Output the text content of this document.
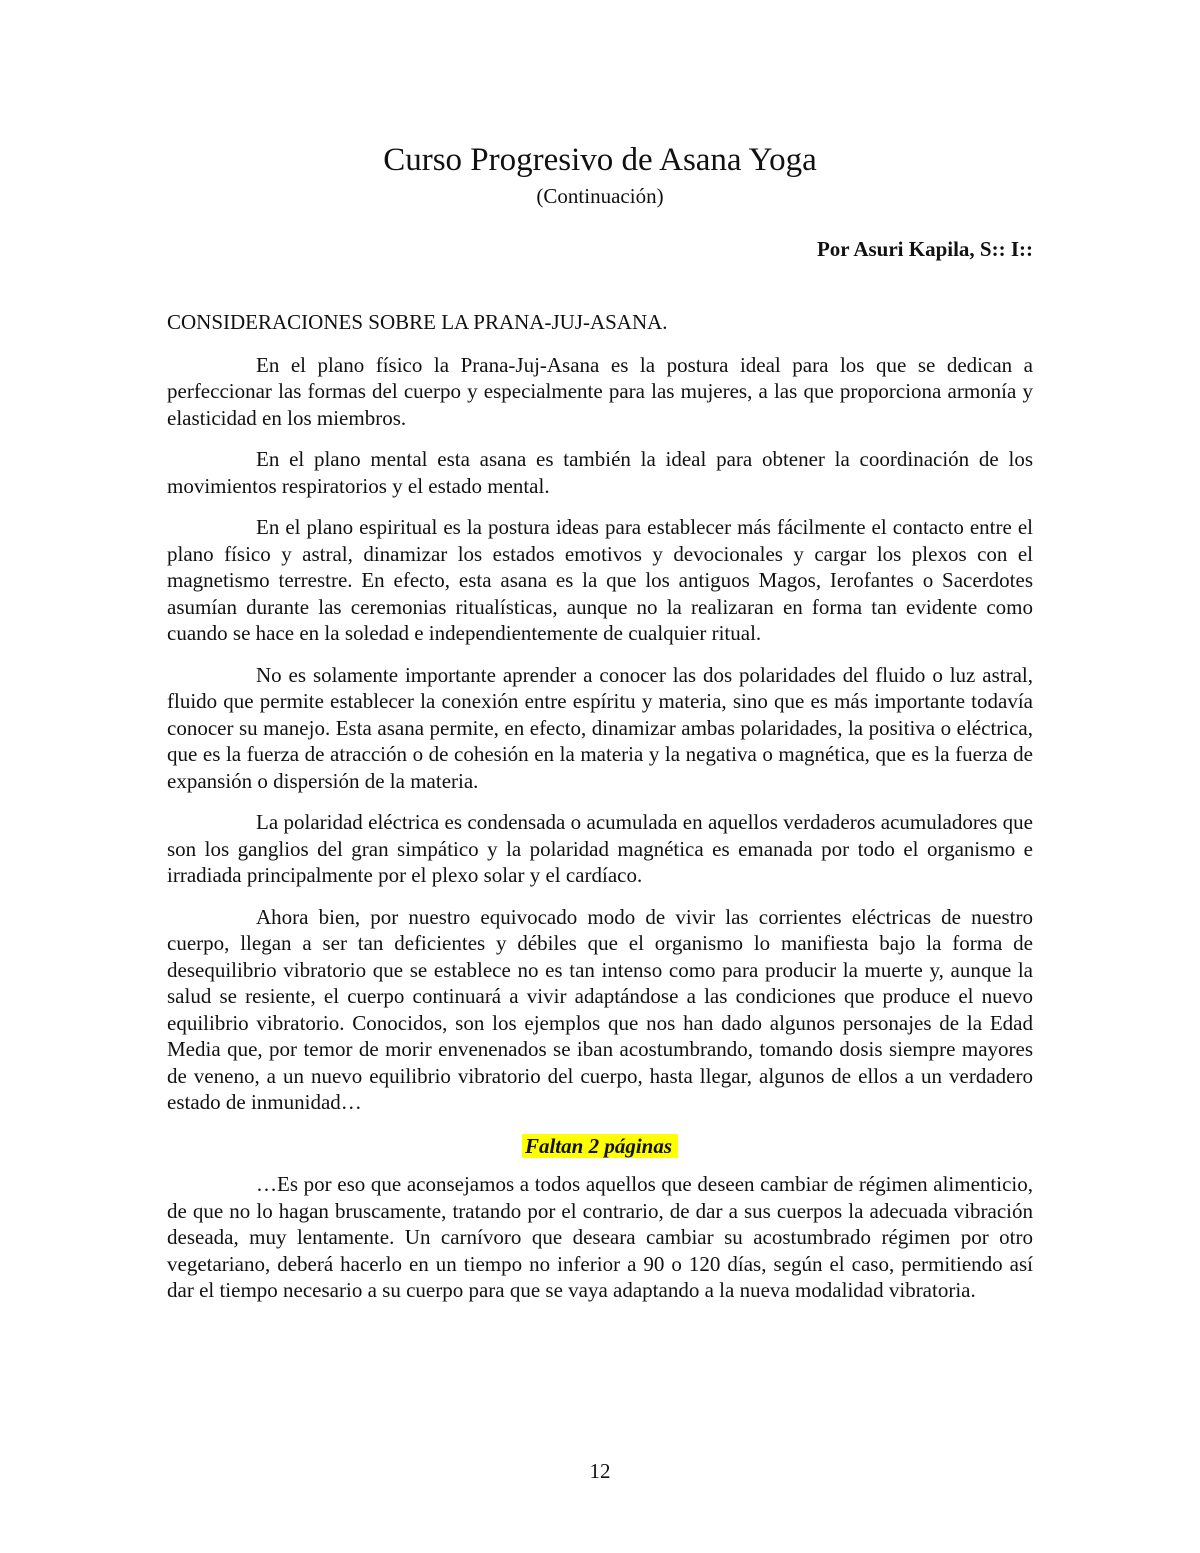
Curso Progresivo de Asana Yoga
(Continuación)
Por Asuri Kapila, S:: I::

CONSIDERACIONES SOBRE LA PRANA-JUJ-ASANA.

En el plano físico la Prana-Juj-Asana es la postura ideal para los que se dedican a perfeccionar las formas del cuerpo y especialmente para las mujeres, a las que proporciona armonía y elasticidad en los miembros.

En el plano mental esta asana es también la ideal para obtener la coordinación de los movimientos respiratorios y el estado mental.

En el plano espiritual es la postura ideas para establecer más fácilmente el contacto entre el plano físico y astral, dinamizar los estados emotivos y devocionales y cargar los plexos con el magnetismo terrestre. En efecto, esta asana es la que los antiguos Magos, Ierofantes o Sacerdotes asumían durante las ceremonias ritualísticas, aunque no la realizaran en forma tan evidente como cuando se hace en la soledad e independientemente de cualquier ritual.

No es solamente importante aprender a conocer las dos polaridades del fluido o luz astral, fluido que permite establecer la conexión entre espíritu y materia, sino que es más importante todavía conocer su manejo. Esta asana permite, en efecto, dinamizar ambas polaridades, la positiva o eléctrica, que es la fuerza de atracción o de cohesión en la materia y la negativa o magnética, que es la fuerza de expansión o dispersión de la materia.

La polaridad eléctrica es condensada o acumulada en aquellos verdaderos acumuladores que son los ganglios del gran simpático y la polaridad magnética es emanada por todo el organismo e irradiada principalmente por el plexo solar y el cardíaco.

Ahora bien, por nuestro equivocado modo de vivir las corrientes eléctricas de nuestro cuerpo, llegan a ser tan deficientes y débiles que el organismo lo manifiesta bajo la forma de desequilibrio vibratorio que se establece no es tan intenso como para producir la muerte y, aunque la salud se resiente, el cuerpo continuará a vivir adaptándose a las condiciones que produce el nuevo equilibrio vibratorio. Conocidos, son los ejemplos que nos han dado algunos personajes de la Edad Media que, por temor de morir envenenados se iban acostumbrando, tomando dosis siempre mayores de veneno, a un nuevo equilibrio vibratorio del cuerpo, hasta llegar, algunos de ellos a un verdadero estado de inmunidad…

Faltan 2 páginas

…Es por eso que aconsejamos a todos aquellos que deseen cambiar de régimen alimenticio, de que no lo hagan bruscamente, tratando por el contrario, de dar a sus cuerpos la adecuada vibración deseada, muy lentamente. Un carnívoro que deseara cambiar su acostumbrado régimen por otro vegetariano, deberá hacerlo en un tiempo no inferior a 90 o 120 días, según el caso, permitiendo así dar el tiempo necesario a su cuerpo para que se vaya adaptando a la nueva modalidad vibratoria.

12
